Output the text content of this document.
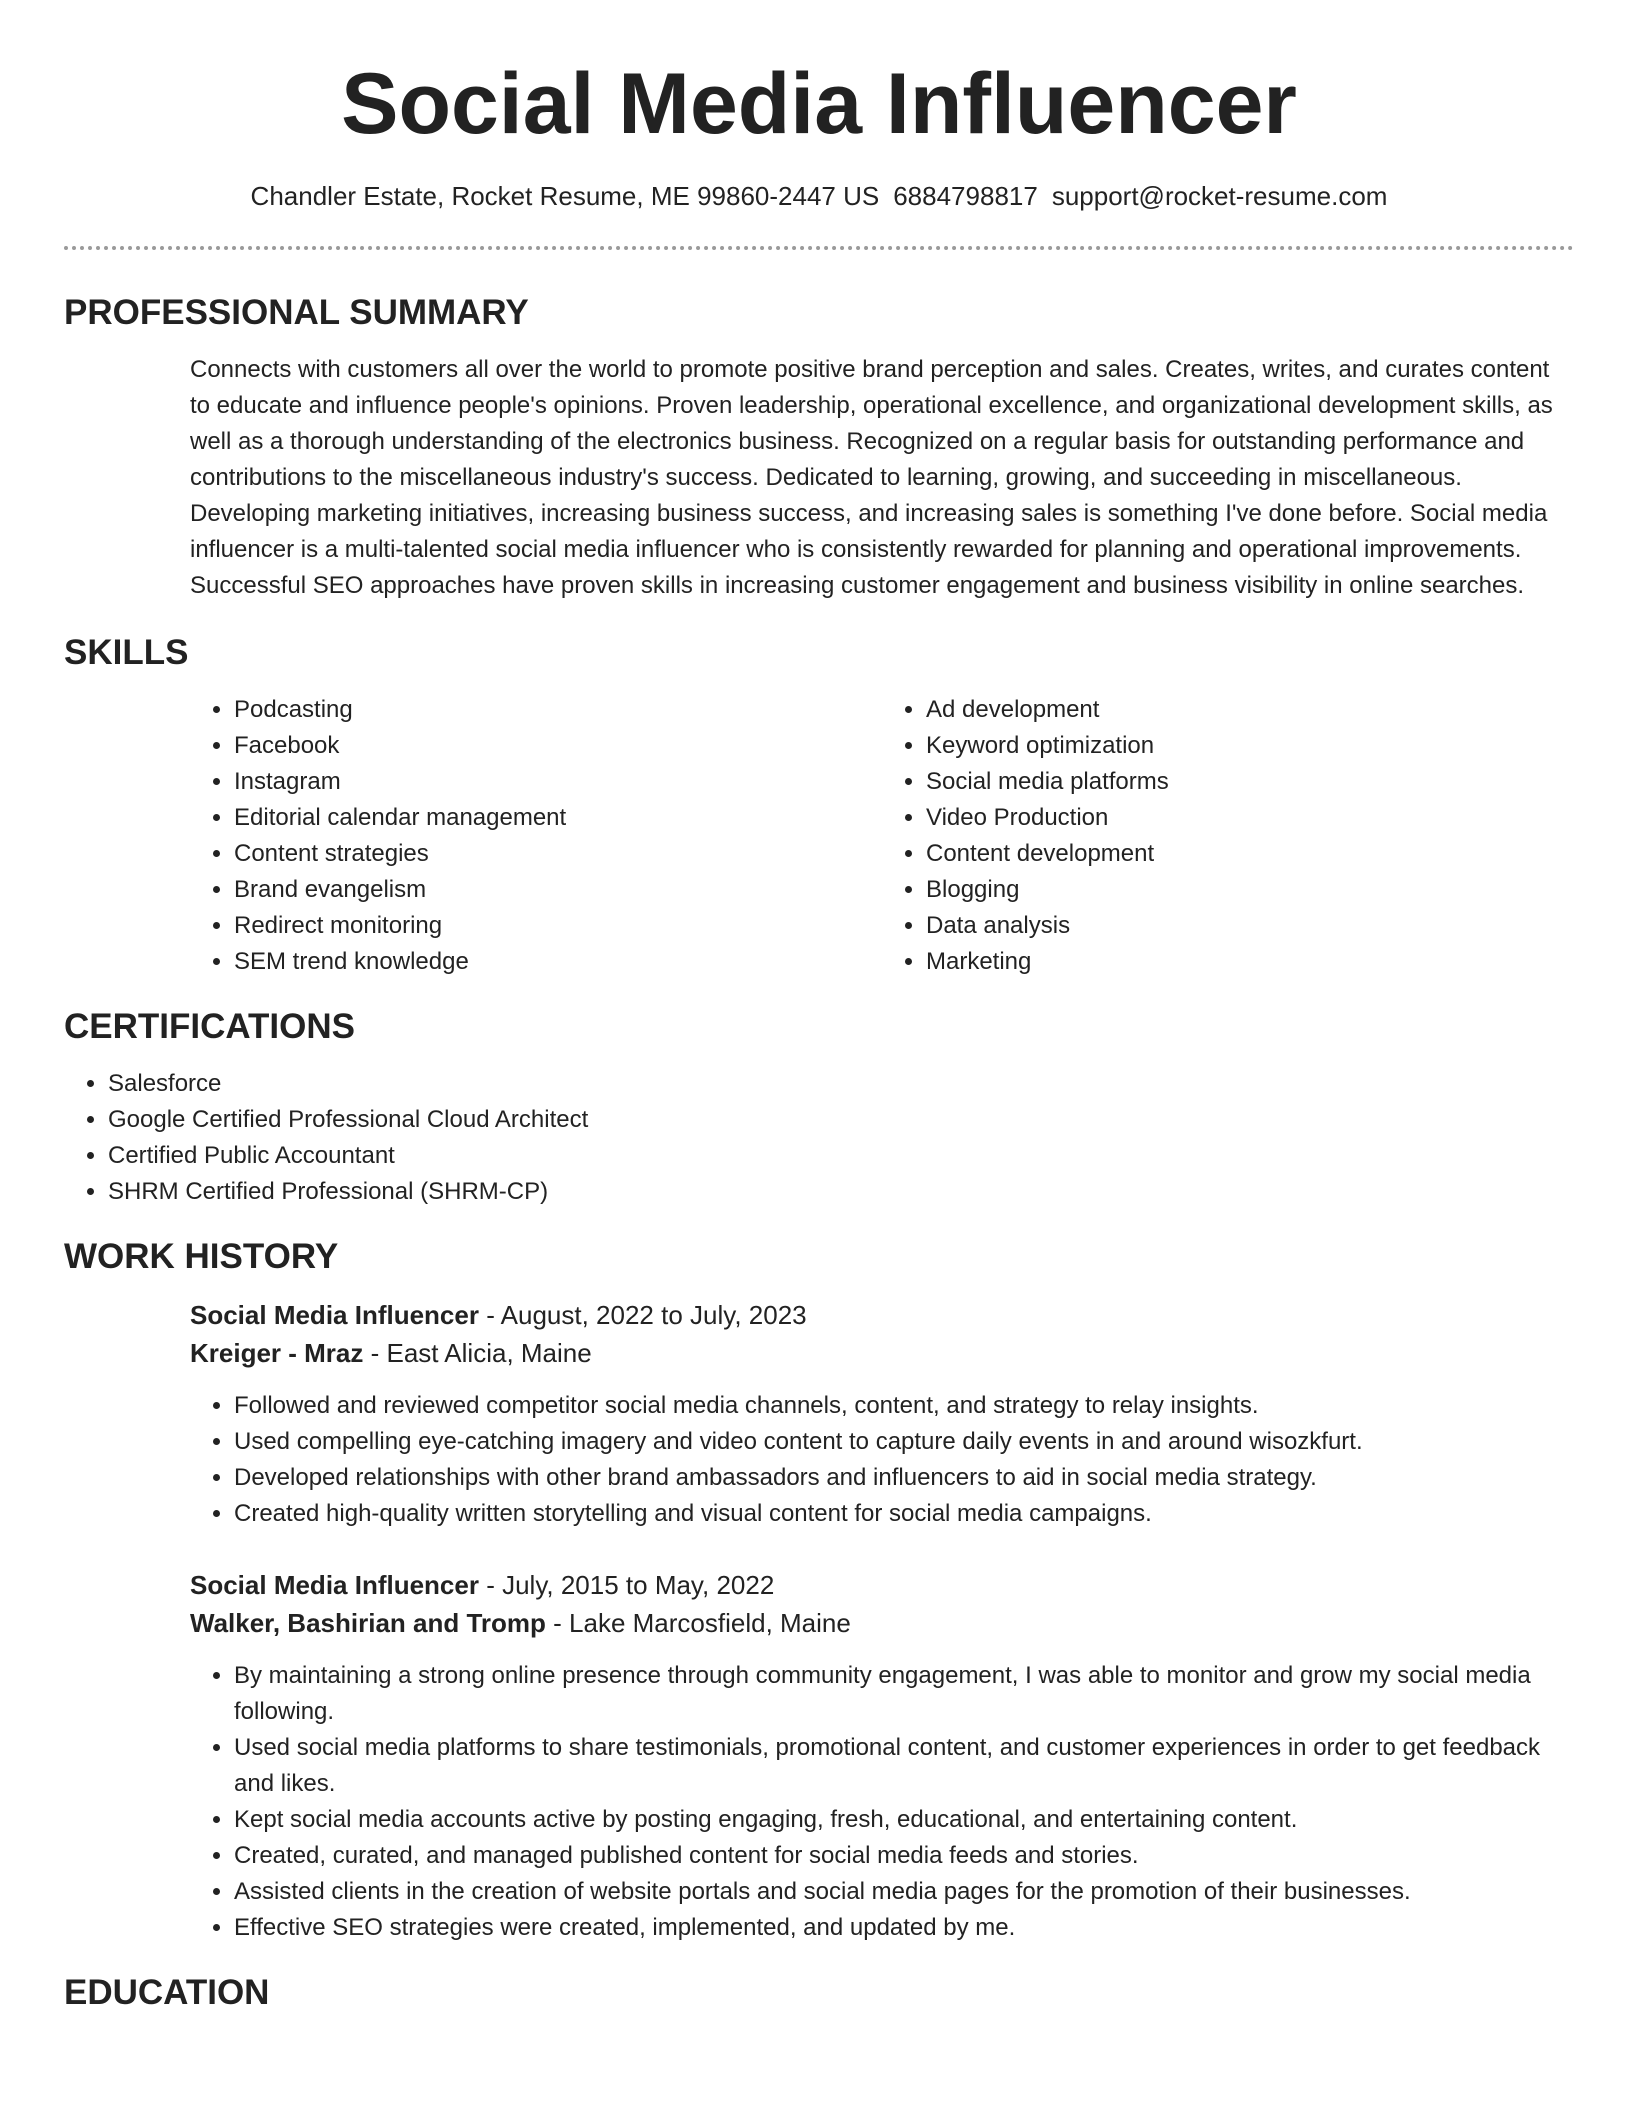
Social Media Influencer
Chandler Estate, Rocket Resume, ME 99860-2447 US 6884798817 support@rocket-resume.com
PROFESSIONAL SUMMARY

Connects with customers all over the world to promote positive brand perception and sales. Creates, writes, and curates content to educate and influence people's opinions. Proven leadership, operational excellence, and organizational development skills, as well as a thorough understanding of the electronics business. Recognized on a regular basis for outstanding performance and contributions to the miscellaneous industry's success. Dedicated to learning, growing, and succeeding in miscellaneous. Developing marketing initiatives, increasing business success, and increasing sales is something I've done before. Social media influencer is a multi-talented social media influencer who is consistently rewarded for planning and operational improvements. Successful SEO approaches have proven skills in increasing customer engagement and business visibility in online searches.

SKILLS
• Podcasting
• Facebook
• Instagram
• Editorial calendar management
• Content strategies
• Brand evangelism
• Redirect monitoring
• SEM trend knowledge
• Ad development
• Keyword optimization
• Social media platforms
• Video Production
• Content development
• Blogging
• Data analysis
• Marketing
CERTIFICATIONS
• Salesforce
• Google Certified Professional Cloud Architect
• Certified Public Accountant
• SHRM Certified Professional (SHRM-CP)
WORK HISTORY
Social Media Influencer - August, 2022 to July, 2023
Kreiger - Mraz - East Alicia, Maine
• Followed and reviewed competitor social media channels, content, and strategy to relay insights.
• Used compelling eye-catching imagery and video content to capture daily events in and around wisozkfurt.
• Developed relationships with other brand ambassadors and influencers to aid in social media strategy.
• Created high-quality written storytelling and visual content for social media campaigns.
Social Media Influencer - July, 2015 to May, 2022
Walker, Bashirian and Tromp - Lake Marcosfield, Maine
• By maintaining a strong online presence through community engagement, I was able to monitor and grow my social media following.
• Used social media platforms to share testimonials, promotional content, and customer experiences in order to get feedback and likes.
• Kept social media accounts active by posting engaging, fresh, educational, and entertaining content.
• Created, curated, and managed published content for social media feeds and stories.
• Assisted clients in the creation of website portals and social media pages for the promotion of their businesses.
• Effective SEO strategies were created, implemented, and updated by me.
EDUCATION
